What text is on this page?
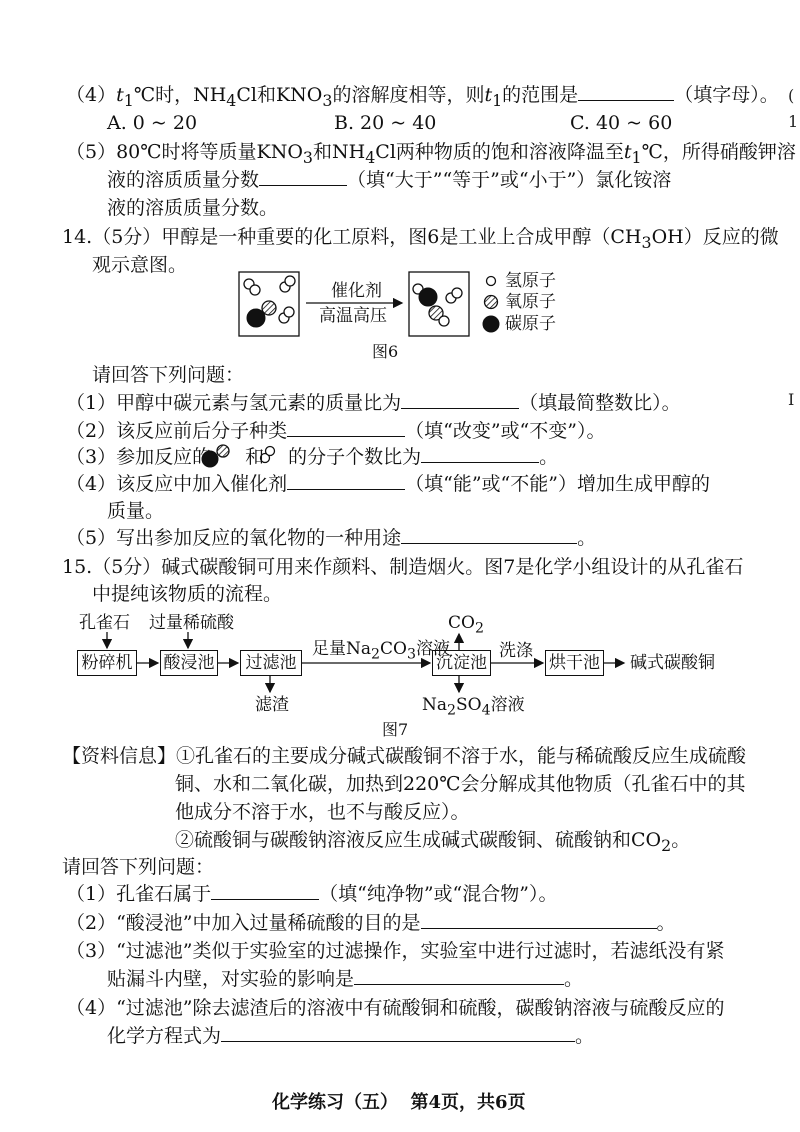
(
1
I
$(4)t_1℃$时，$NH_4Cl$和$KNO_3$的溶解度相等，则$t_1$的范围是	（填字母）。
A. 0 ~ 20	B. 20 ~ 40	C. 40 ~ 60
（5）80℃时将等质量$KNO_3$和$NH_4Cl$两种物质的饱和溶液降温至$t_1℃$，所得硝酸钾溶
液的溶质质量分数	（填“大于”“等于”或“小于”）氯化铵溶
液的溶质质量分数。
14.（5分）甲醇是一种重要的化工原料，图6是工业上合成甲醇$(CH_3OH)$反应的微
观示意图。
催化剂
高温高压
氢原子
氧原子
碳原子
图6
请回答下列问题：
（1）甲醇中碳元素与氢元素的质量比为	（填最简整数比）。
（2）该反应前后分子种类	（填“改变”或“不变”）。
（3）参加反应的 和 的分子个数比为	。
（4）该反应中加入催化剂	（填“能”或“不能”）增加生成甲醇的
质量。
（5）写出参加反应的氧化物的一种用途	。
15.（5分）碱式碳酸铜可用来作颜料、制造烟火。图7是化学小组设计的从孔雀石
中提纯该物质的流程。
孔雀石 过量稀硫酸
粉碎机 酸浸池	过滤池	沉淀池	烘干池
足量$Na_2CO_3$溶液
$CO_2$
洗涤
碱式碳酸铜
滤渣	$Na_2SO_4$溶液
图7
【资料信息】①孔雀石的主要成分碱式碳酸铜不溶于水，能与稀硫酸反应生成硫酸
铜、水和二氧化碳，加热到220℃会分解成其他物质（孔雀石中的其
他成分不溶于水，也不与酸反应）。
②硫酸铜与碳酸钠溶液反应生成碱式碳酸铜、硫酸钠和$CO_2$。
请回答下列问题：
（1）孔雀石属于	（填“纯净物”或“混合物”）。
（2）“酸浸池”中加入过量稀硫酸的目的是	。
（3）“过滤池”类似于实验室的过滤操作，实验室中进行过滤时，若滤纸没有紧
贴漏斗内壁，对实验的影响是	。
（4）“过滤池”除去滤渣后的溶液中有硫酸铜和硫酸，碳酸钠溶液与硫酸反应的
化学方程式为	。
化学练习（五）  第4页，共6页
